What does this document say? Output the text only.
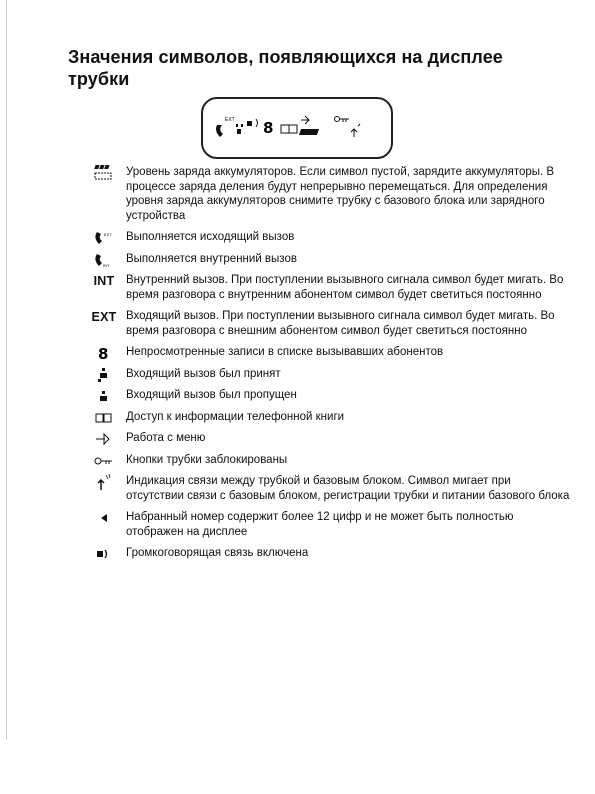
Значения символов, появляющихся на дисплее трубки
EXT 8
Уровень заряда аккумуляторов. Если символ пустой, зарядите аккумуляторы. В процессе заряда деления будут непрерывно перемещаться. Для определения уровня заряда аккумуляторов снимите трубку с базового блока или зарядного устройства
EXT Выполняется исходящий вызов
INT
Выполняется внутренний вызов
INT	Внутренний вызов. При поступлении вызывного сигнала символ будет мигать. Во время разговора с внутренним абонентом символ будет светиться постоянно
EXT Входящий вызов. При поступлении вызывного сигнала символ будет мигать. Во время разговора с внешним абонентом символ будет светиться постоянно
8 Непросмотренные записи в списке вызывавших абонентов
Входящий вызов был принят
Входящий вызов был пропущен
Доступ к информации телефонной книги
Работа с меню
Кнопки трубки заблокированы
Индикация связи между трубкой и базовым блоком. Символ мигает при отсутствии связи с базовым блоком, регистрации трубки и питании базового блока
Набранный номер содержит более 12 цифр и не может быть полностью отображен на дисплее
Громкоговорящая связь включена
